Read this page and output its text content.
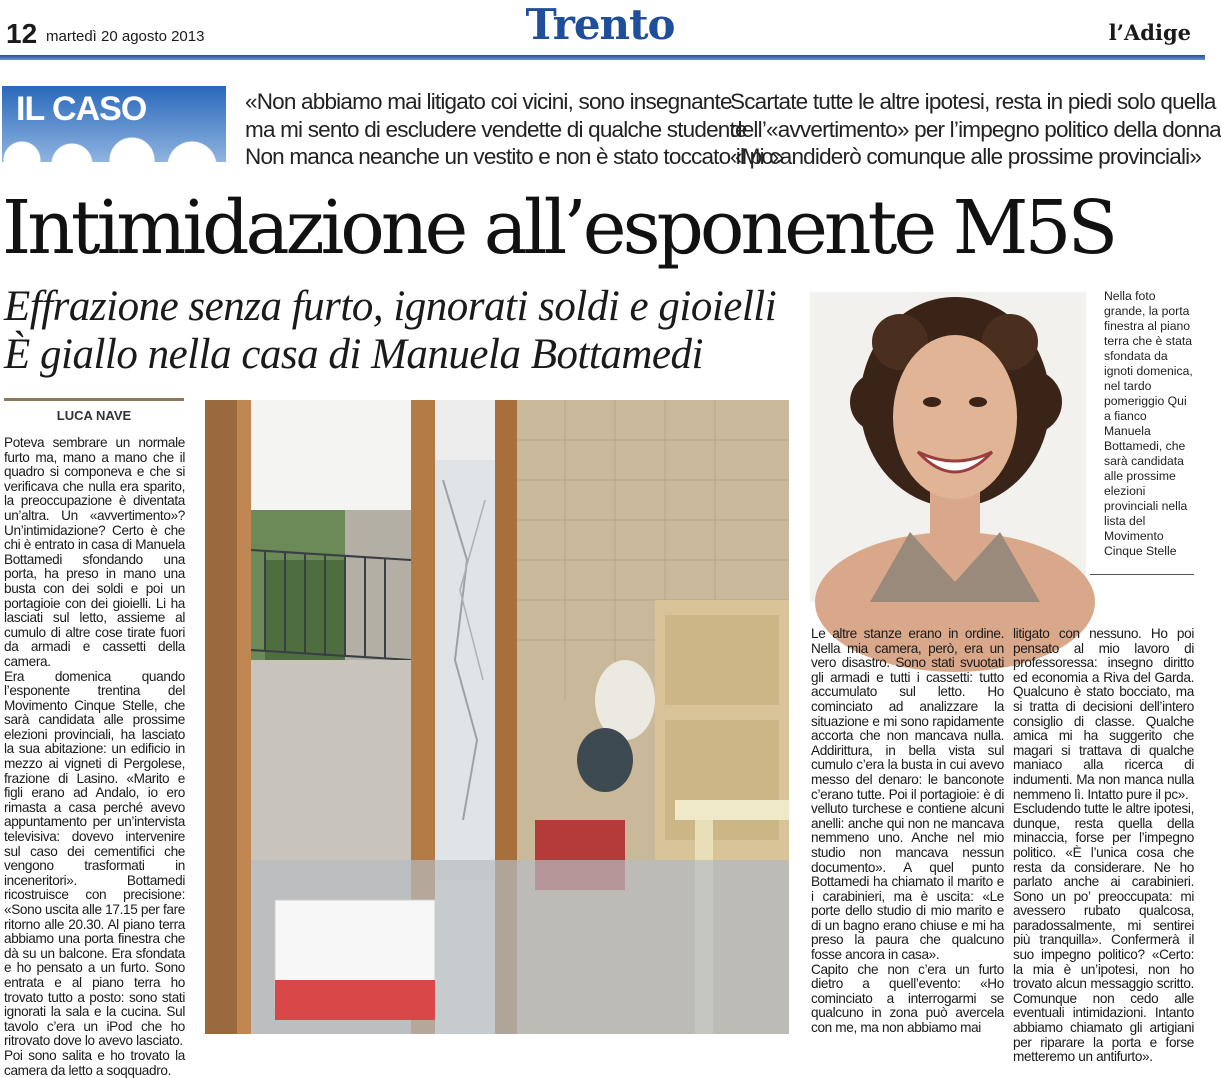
12 martedì 20 agosto 2013	Trento	l’Adige
IL CASO	«Non abbiamo mai litigato coi vicini, sono insegnante
ma mi sento di escludere vendette di qualche studente
Non manca neanche un vestito e non è stato toccato il pc»
Scartate tutte le altre ipotesi, resta in piedi solo quella
dell’«avvertimento» per l’impegno politico della donna
«Mi candiderò comunque alle prossime provinciali»
Intimidazione all’esponente M5S
Effrazione senza furto, ignorati soldi e gioielli
È giallo nella casa di Manuela Bottamedi
LUCA NAVE

Poteva sembrare un normale furto ma, mano a mano che il quadro si componeva e che si verificava che nulla era sparito, la preoccupazione è diventata un’altra. Un «avvertimento»? Un’intimidazione? Certo è che chi è entrato in casa di Manuela Bottamedi sfondando una porta, ha preso in mano una busta con dei soldi e poi un portagioie con dei gioielli. Li ha lasciati sul letto, assieme al cumulo di altre cose tirate fuori da armadi e cassetti della camera.

Era domenica quando l’esponente trentina del Movimento Cinque Stelle, che sarà candidata alle prossime elezioni provinciali, ha lasciato la sua abitazione: un edificio in mezzo ai vigneti di Pergolese, frazione di Lasino. «Marito e figli erano ad Andalo, io ero rimasta a casa perché avevo appuntamento per un’intervista televisiva: dovevo intervenire sul caso dei cementifici che vengono trasformati in inceneritori». Bottamedi ricostruisce con precisione: «Sono uscita alle 17.15 per fare ritorno alle 20.30. Al piano terra abbiamo una porta finestra che dà su un balcone. Era sfondata e ho pensato a un furto. Sono entrata e al piano terra ho trovato tutto a posto: sono stati ignorati la sala e la cucina. Sul tavolo c’era un iPod che ho ritrovato dove lo avevo lasciato.

Poi sono salita e ho trovato la camera da letto a soqquadro.

Nella foto grande, la porta finestra al piano terra che è stata sfondata da ignoti domenica, nel tardo pomeriggio Qui a fianco Manuela Bottamedi, che sarà candidata alle prossime elezioni provinciali nella lista del Movimento Cinque Stelle

Le altre stanze erano in ordine. Nella mia camera, però, era un vero disastro. Sono stati svuotati gli armadi e tutti i cassetti: tutto accumulato sul letto. Ho cominciato ad analizzare la situazione e mi sono rapidamente accorta che non mancava nulla. Addirittura, in bella vista sul cumulo c’era la busta in cui avevo messo del denaro: le banconote c’erano tutte. Poi il portagioie: è di velluto turchese e contiene alcuni anelli: anche qui non ne mancava nemmeno uno. Anche nel mio studio non mancava nessun documento». A quel punto Bottamedi ha chiamato il marito e i carabinieri, ma è uscita: «Le porte dello studio di mio marito e di un bagno erano chiuse e mi ha preso la paura che qualcuno fosse ancora in casa».

Capito che non c’era un furto dietro a quell’evento: «Ho cominciato a interrogarmi se qualcuno in zona può avercela con me, ma non abbiamo mai

litigato con nessuno. Ho poi pensato al mio lavoro di professoressa: insegno diritto ed economia a Riva del Garda. Qualcuno è stato bocciato, ma si tratta di decisioni dell’intero consiglio di classe. Qualche amica mi ha suggerito che magari si trattava di qualche maniaco alla ricerca di indumenti. Ma non manca nulla nemmeno lì. Intatto pure il pc».

Escludendo tutte le altre ipotesi, dunque, resta quella della minaccia, forse per l’impegno politico. «È l’unica cosa che resta da considerare. Ne ho parlato anche ai carabinieri. Sono un po’ preoccupata: mi avessero rubato qualcosa, paradossalmente, mi sentirei più tranquilla». Confermerà il suo impegno politico? «Certo: la mia è un’ipotesi, non ho trovato alcun messaggio scritto. Comunque non cedo alle eventuali intimidazioni. Intanto abbiamo chiamato gli artigiani per riparare la porta e forse metteremo un antifurto».
